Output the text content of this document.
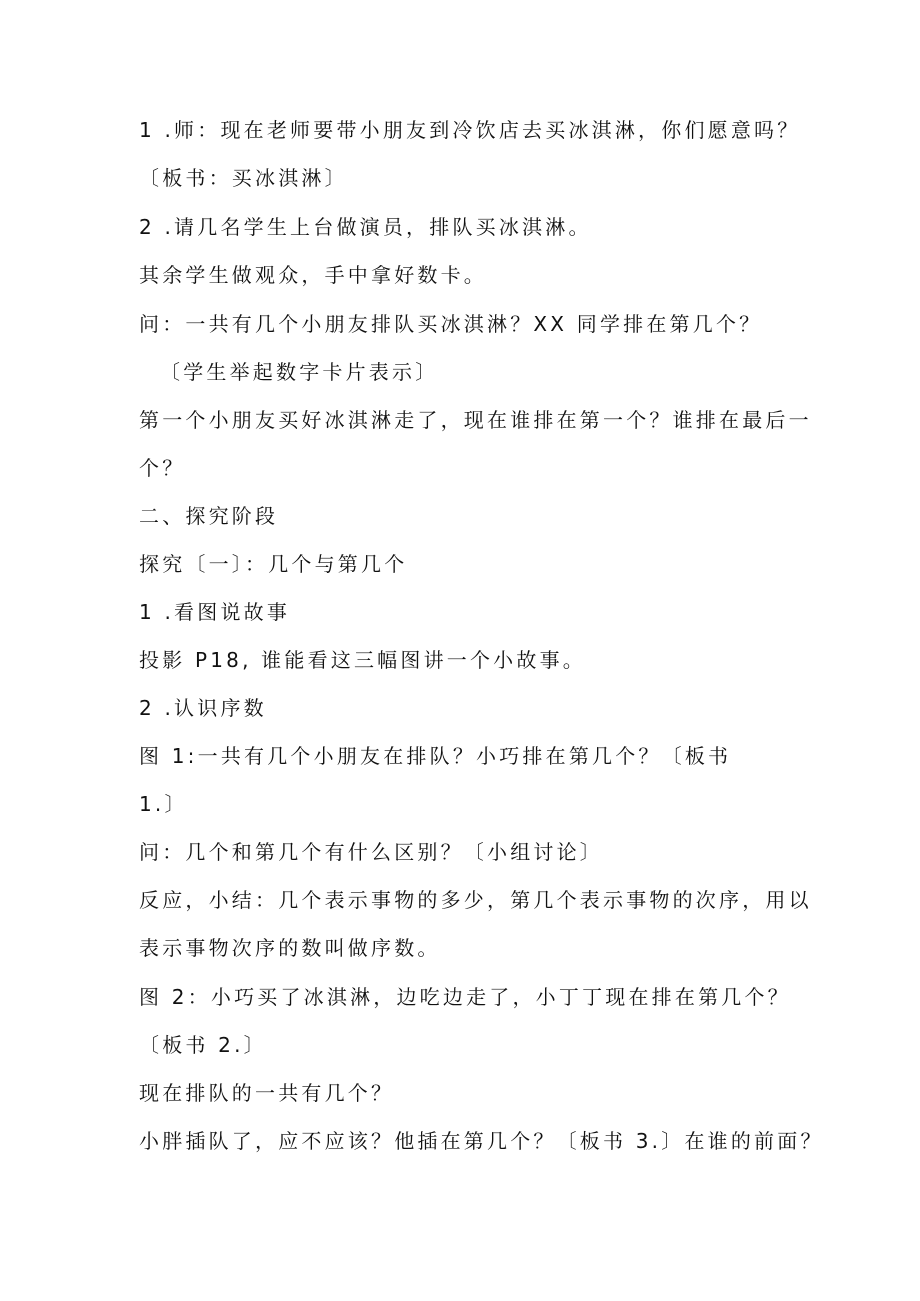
1 .师：现在老师要带小朋友到冷饮店去买冰淇淋，你们愿意吗？
〔板书：买冰淇淋〕
2 .请几名学生上台做演员，排队买冰淇淋。
其余学生做观众，手中拿好数卡。
问：一共有几个小朋友排队买冰淇淋？XX 同学排在第几个？
〔学生举起数字卡片表示〕
第一个小朋友买好冰淇淋走了，现在谁排在第一个？谁排在最后一
个？
二、探究阶段
探究〔一〕：几个与第几个
1 .看图说故事
投影 P18, 谁能看这三幅图讲一个小故事。
2 .认识序数
图 1:一共有几个小朋友在排队？小巧排在第几个？〔板书
1.〕
问：几个和第几个有什么区别？〔小组讨论〕
反应，小结：几个表示事物的多少，第几个表示事物的次序，用以
表示事物次序的数叫做序数。
图 2：小巧买了冰淇淋，边吃边走了，小丁丁现在排在第几个？
〔板书 2.〕
现在排队的一共有几个？
小胖插队了，应不应该？他插在第几个？〔板书 3.〕在谁的前面？
